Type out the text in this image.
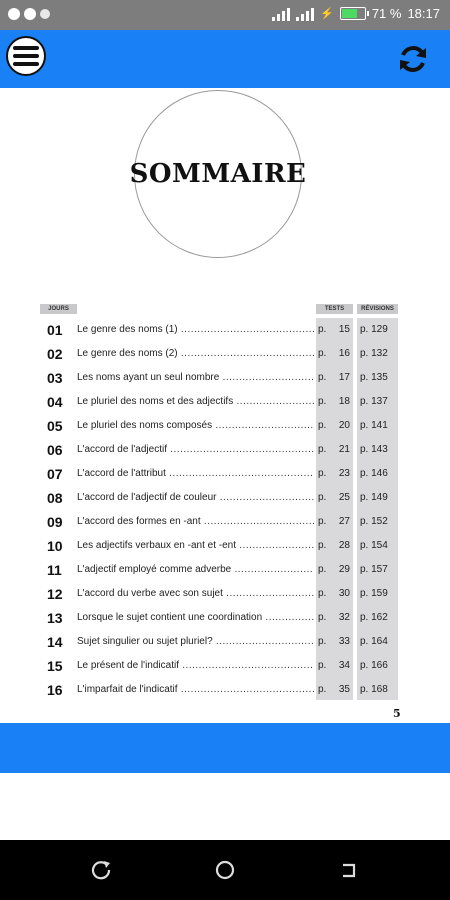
⚡	71 % 18:17
SOMMAIRE
JOURS	TESTS	RÉVISIONS
01 Le genre des noms (1) .....	p. 15 p. 129
02 Le genre des noms (2) .....	p. 16 p. 132
03 Les noms ayant un seul nombre .....	p. 17 p. 135
04 Le pluriel des noms et des adjectifs .....	p. 18 p. 137
05 Le pluriel des noms composés .....	p. 20 p. 141
06 L'accord de l'adjectif .....	p. 21 p. 143
07 L'accord de l'attribut .....	p. 23 p. 146
08 L'accord de l'adjectif de couleur .....	p. 25 p. 149
09 L'accord des formes en -ant .....	p. 27 p. 152
10 Les adjectifs verbaux en -ant et -ent .....	p. 28 p. 154
11 L'adjectif employé comme adverbe .....	p. 29 p. 157
12 L'accord du verbe avec son sujet .....	p. 30 p. 159
13 Lorsque le sujet contient une coordination .....	p. 32 p. 162
14 Sujet singulier ou sujet pluriel? .....	p. 33 p. 164
15 Le présent de l'indicatif .....	p. 34 p. 166
16 L'imparfait de l'indicatif .....	p. 35 p. 168
5
